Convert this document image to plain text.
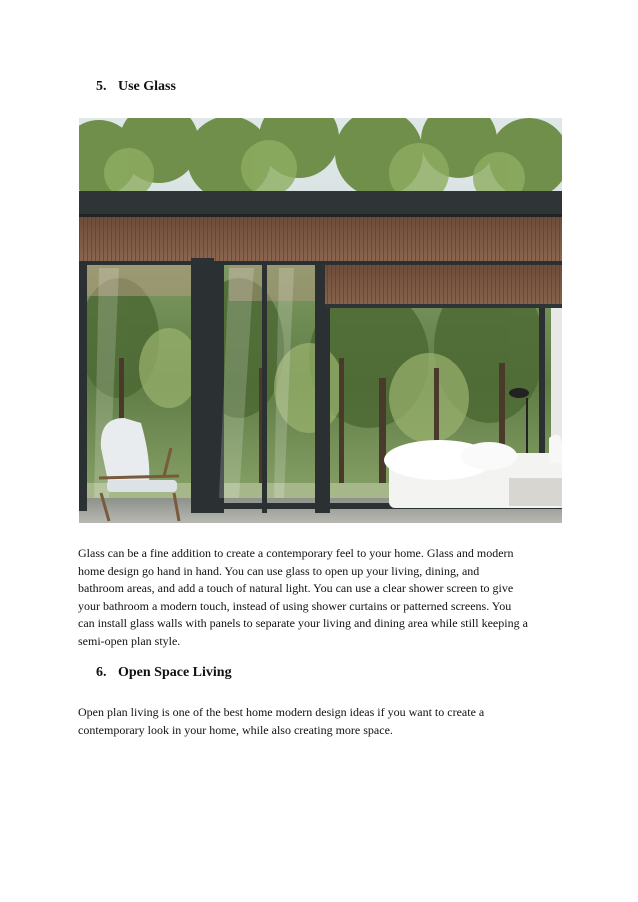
5. Use Glass

Glass can be a fine addition to create a contemporary feel to your home. Glass and modern
home design go hand in hand. You can use glass to open up your living, dining, and
bathroom areas, and add a touch of natural light. You can use a clear shower screen to give
your bathroom a modern touch, instead of using shower curtains or patterned screens. You
can install glass walls with panels to separate your living and dining area while still keeping a
semi-open plan style.

6. Open Space Living

Open plan living is one of the best home modern design ideas if you want to create a
contemporary look in your home, while also creating more space.
